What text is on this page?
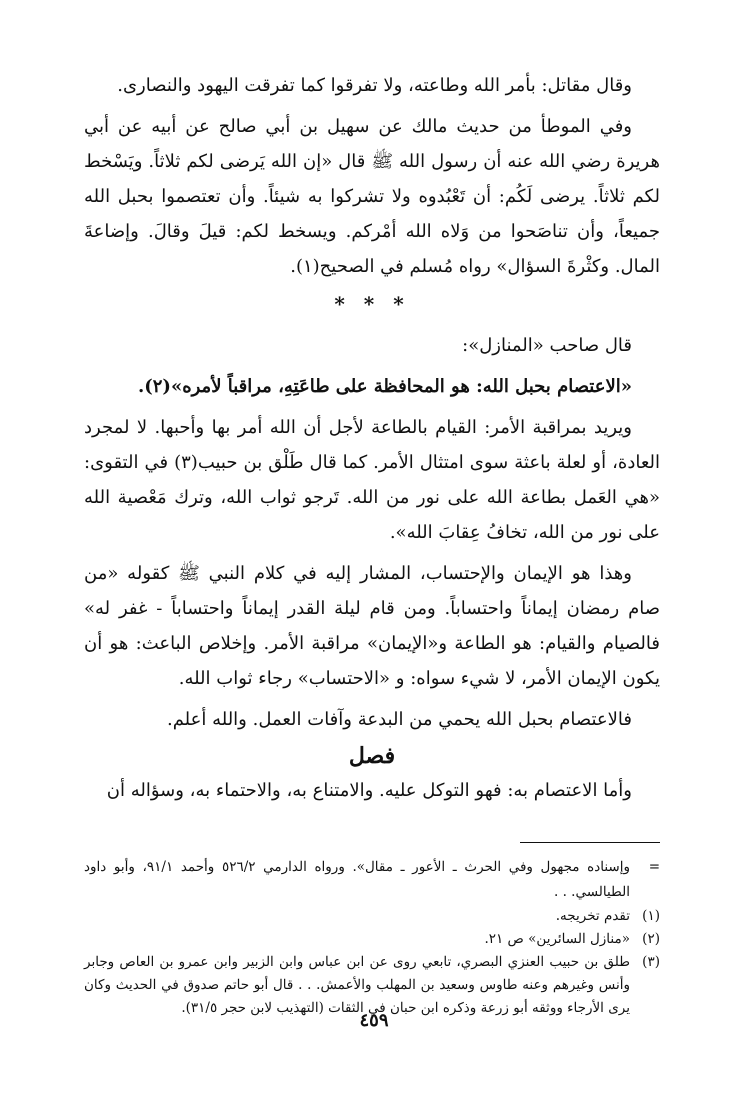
وقال مقاتل: بأمر الله وطاعته، ولا تفرقوا كما تفرقت اليهود والنصارى.

وفي الموطأ من حديث مالك عن سهيل بن أبي صالح عن أبيه عن أبي هريرة رضي الله عنه أن رسول الله ﷺ قال «إن الله يَرضى لكم ثلاثاً. ويَسْخط لكم ثلاثاً. يرضى لَكُم: أن تَعْبُدوه ولا تشركوا به شيئاً. وأن تعتصموا بحبل الله جميعاً، وأن تناصَحوا من وَلاه الله أمْركم. ويسخط لكم: قيلَ وقالَ. وإضاعةَ المال. وكثْرةَ السؤال» رواه مُسلم في الصحيح(١).

* * *

قال صاحب «المنازل»:

«الاعتصام بحبل الله: هو المحافظة على طاعَتِهِ، مراقباً لأمره»(٢).

ويريد بمراقبة الأمر: القيام بالطاعة لأجل أن الله أمر بها وأحبها. لا لمجرد العادة، أو لعلة باعثة سوى امتثال الأمر. كما قال طَلْق بن حبيب(٣) في التقوى: «هي العَمل بطاعة الله على نور من الله. تَرجو ثواب الله، وترك مَعْصية الله على نور من الله، تخافُ عِقابَ الله».

وهذا هو الإيمان والإحتساب، المشار إليه في كلام النبي ﷺ كقوله «من صام رمضان إيماناً واحتساباً. ومن قام ليلة القدر إيماناً واحتساباً - غفر له» فالصيام والقيام: هو الطاعة و«الإيمان» مراقبة الأمر. وإخلاص الباعث: هو أن يكون الإيمان الأمر، لا شيء سواه: و «الاحتساب» رجاء ثواب الله.

فالاعتصام بحبل الله يحمي من البدعة وآفات العمل. والله أعلم.

فصل

وأما الاعتصام به: فهو التوكل عليه. والامتناع به، والاحتماء به، وسؤاله أن

=
وإسناده مجهول وفي الحرث ـ الأعور ـ مقال». ورواه الدارمي ٥٢٦/٢ وأحمد ٩١/١، وأبو داود الطيالسي. . .
(١)
تقدم تخريجه.
(٢)
«منازل السائرين» ص ٢١.
(٣)
طلق بن حبيب العنزي البصري، تابعي روى عن ابن عباس وابن الزبير وابن عمرو بن العاص وجابر وأنس وغيرهم وعنه طاوس وسعيد بن المهلب والأعمش. . . قال أبو حاتم صدوق في الحديث وكان يرى الأرجاء ووثقه أبو زرعة وذكره ابن حبان في الثقات (التهذيب لابن حجر ٣١/٥).
٤٥٩
